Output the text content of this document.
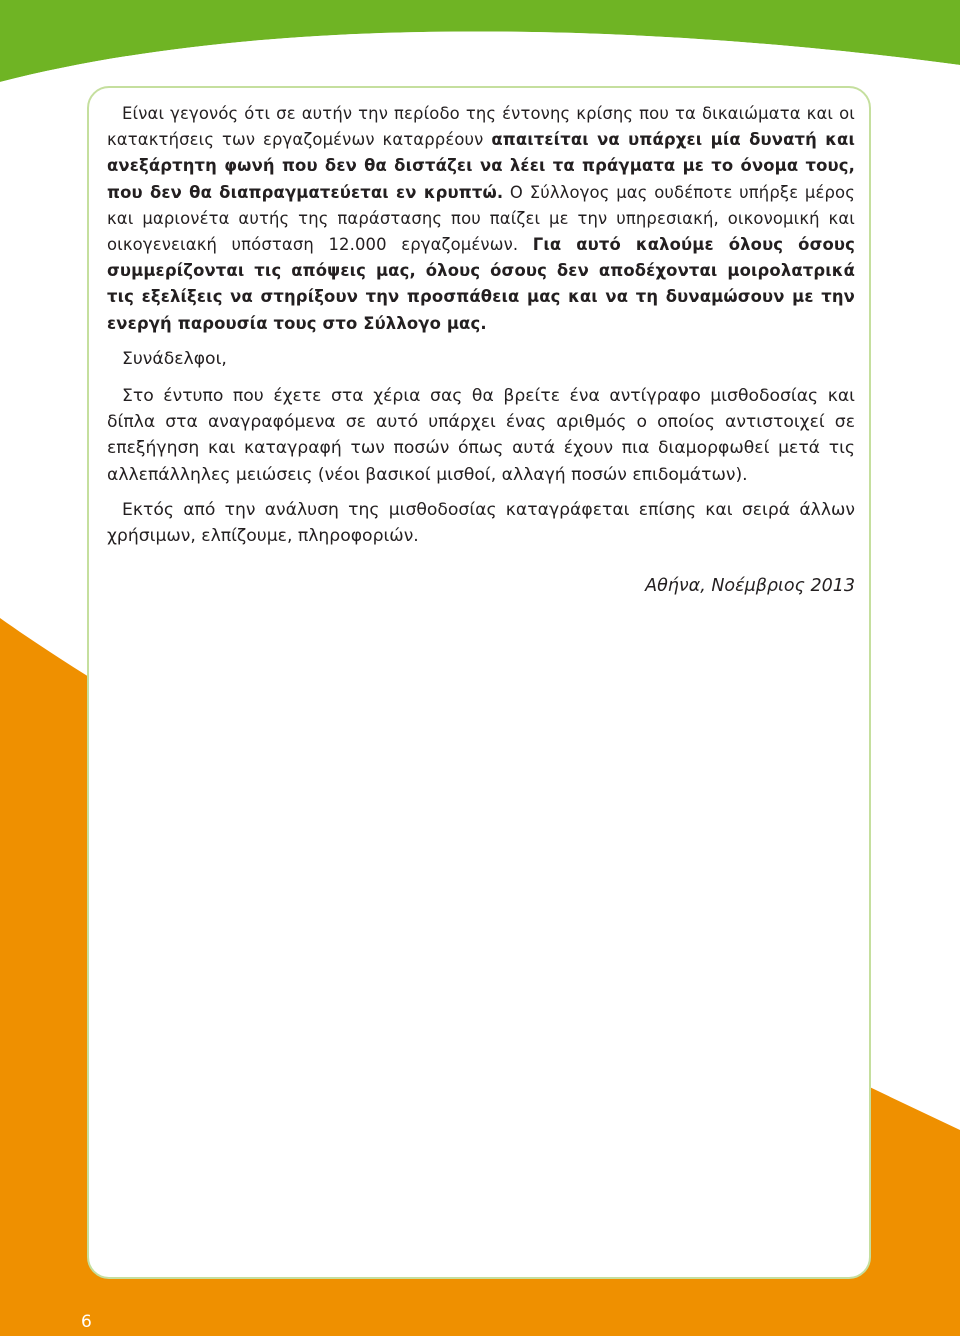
Είναι γεγονός ότι σε αυτήν την περίοδο της έντονης κρίσης που τα δικαιώματα και οι κατακτήσεις των εργαζομένων καταρρέουν απαιτείται να υπάρχει μία δυνατή και ανεξάρτητη φωνή που δεν θα διστάζει να λέει τα πράγματα με το όνομα τους, που δεν θα διαπραγματεύεται εν κρυπτώ. Ο Σύλλογος μας ουδέποτε υπήρξε μέρος και μαριονέτα αυτής της παράστασης που παίζει με την υπηρεσιακή, οικονομική και οικογενειακή υπόσταση 12.000 εργαζομένων. Για αυτό καλούμε όλους όσους συμμερίζονται τις απόψεις μας, όλους όσους δεν αποδέχονται μοιρολατρικά τις εξελίξεις να στηρίξουν την προσπάθεια μας και να τη δυναμώσουν με την ενεργή παρουσία τους στο Σύλλογο μας.

Συνάδελφοι,

Στο έντυπο που έχετε στα χέρια σας θα βρείτε ένα αντίγραφο μισθοδοσίας και δίπλα στα αναγραφόμενα σε αυτό υπάρχει ένας αριθμός ο οποίος αντιστοιχεί σε επεξήγηση και καταγραφή των ποσών όπως αυτά έχουν πια διαμορφωθεί μετά τις αλλεπάλληλες μειώσεις (νέοι βασικοί μισθοί, αλλαγή ποσών επιδομάτων).

Εκτός από την ανάλυση της μισθοδοσίας καταγράφεται επίσης και σειρά άλλων χρήσιμων, ελπίζουμε, πληροφοριών.

Αθήνα, Νοέμβριος 2013
6
